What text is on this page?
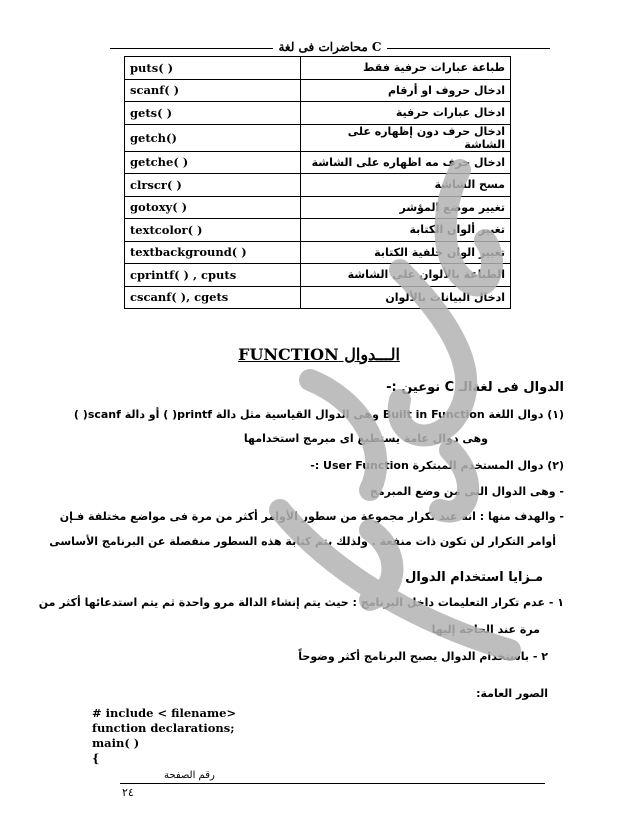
محاضرات فى لغة C
puts( )	طباعة عبارات حرفية فقط
scanf( )	ادخال حروف او أرقام
gets( )	ادخال عبارات حرفية
getch()	ادخال حرف دون إظهاره على الشاشة
getche( )	ادخال حرف مه اظهاره على الشاشة
clrscr( )	مسح الشاشة
gotoxy( )	تغيير موضع المؤشر
textcolor( )	تغيير ألوان الكتابة
textbackground( )	تغيير الوان خلفية الكتابة
cprintf( ) , cputs	الطباعة بالألوان على الشاشة
cscanf( ), cgets	ادخال البيانات بالألوان
الـــدوال FUNCTION
الدوال فى لغةالـ C نوعين :-
(١) دوال اللغة Built in Function وهى الدوال القياسية مثل دالة printf( ) أو دالة scanf( )
وهى دوال عامة يستطيع اى مبرمج استخدامها
(٢) دوال المستخدم المبتكرة User Function :-
- وهى الدوال التى من وضع المبرمج
- والهدف منها : انه عند تكرار مجموعة من سطور الأوامر أكثر من مرة فى مواضع مختلفة فـإن
أوامر التكرار لن تكون ذات منفعة . ولذلك يتم كتابة هذه السطور منفصلة عن البرنامج الأساسى
مـزايا استخدام الدوال
١ - عدم تكرار التعليمات داخل البرنامج : حيث يتم إنشاء الدالة مرو واحدة ثم يتم استدعائها أكثر من
مرة عند الحاجة إليها
٢ - باستخدام الدوال يصبح البرنامج أكثر وضوحاً
الصور العامة:
# include < filename>
function declarations;
main( )
{
رقم الصفحة
٢٤
